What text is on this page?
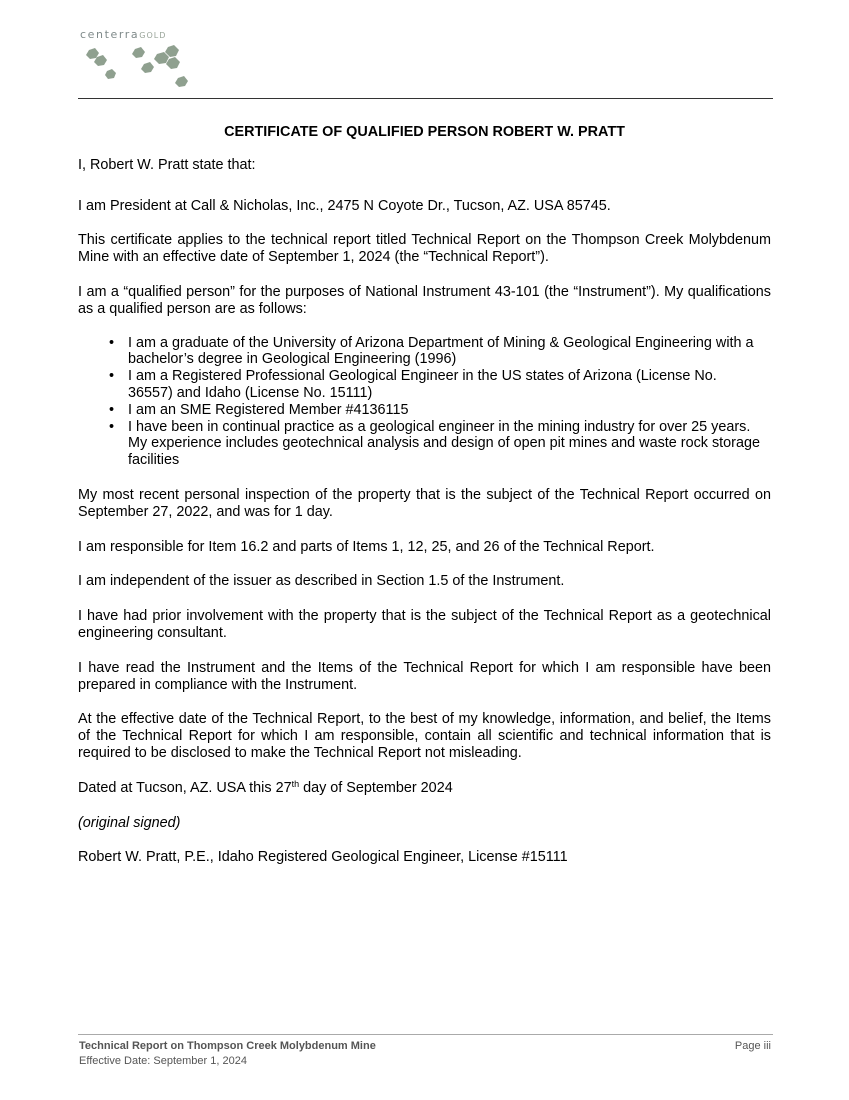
centerraGOLD

CERTIFICATE OF QUALIFIED PERSON ROBERT W. PRATT

I, Robert W. Pratt state that:

I am President at Call & Nicholas, Inc., 2475 N Coyote Dr., Tucson, AZ. USA 85745.

This certificate applies to the technical report titled Technical Report on the Thompson Creek Molybdenum Mine with an effective date of September 1, 2024 (the “Technical Report”).

I am a “qualified person” for the purposes of National Instrument 43-101 (the “Instrument”). My qualifications as a qualified person are as follows:

• I am a graduate of the University of Arizona Department of Mining & Geological Engineering with a bachelor’s degree in Geological Engineering (1996)
• I am a Registered Professional Geological Engineer in the US states of Arizona (License No. 36557) and Idaho (License No. 15111)
• I am an SME Registered Member #4136115
• I have been in continual practice as a geological engineer in the mining industry for over 25 years. My experience includes geotechnical analysis and design of open pit mines and waste rock storage facilities

My most recent personal inspection of the property that is the subject of the Technical Report occurred on September 27, 2022, and was for 1 day.

I am responsible for Item 16.2 and parts of Items 1, 12, 25, and 26 of the Technical Report.

I am independent of the issuer as described in Section 1.5 of the Instrument.

I have had prior involvement with the property that is the subject of the Technical Report as a geotechnical engineering consultant.

I have read the Instrument and the Items of the Technical Report for which I am responsible have been prepared in compliance with the Instrument.

At the effective date of the Technical Report, to the best of my knowledge, information, and belief, the Items of the Technical Report for which I am responsible, contain all scientific and technical information that is required to be disclosed to make the Technical Report not misleading.

Dated at Tucson, AZ. USA this 27th day of September 2024

(original signed)

Robert W. Pratt, P.E., Idaho Registered Geological Engineer, License #15111

Technical Report on Thompson Creek Molybdenum Mine
Effective Date: September 1, 2024
Page iii
